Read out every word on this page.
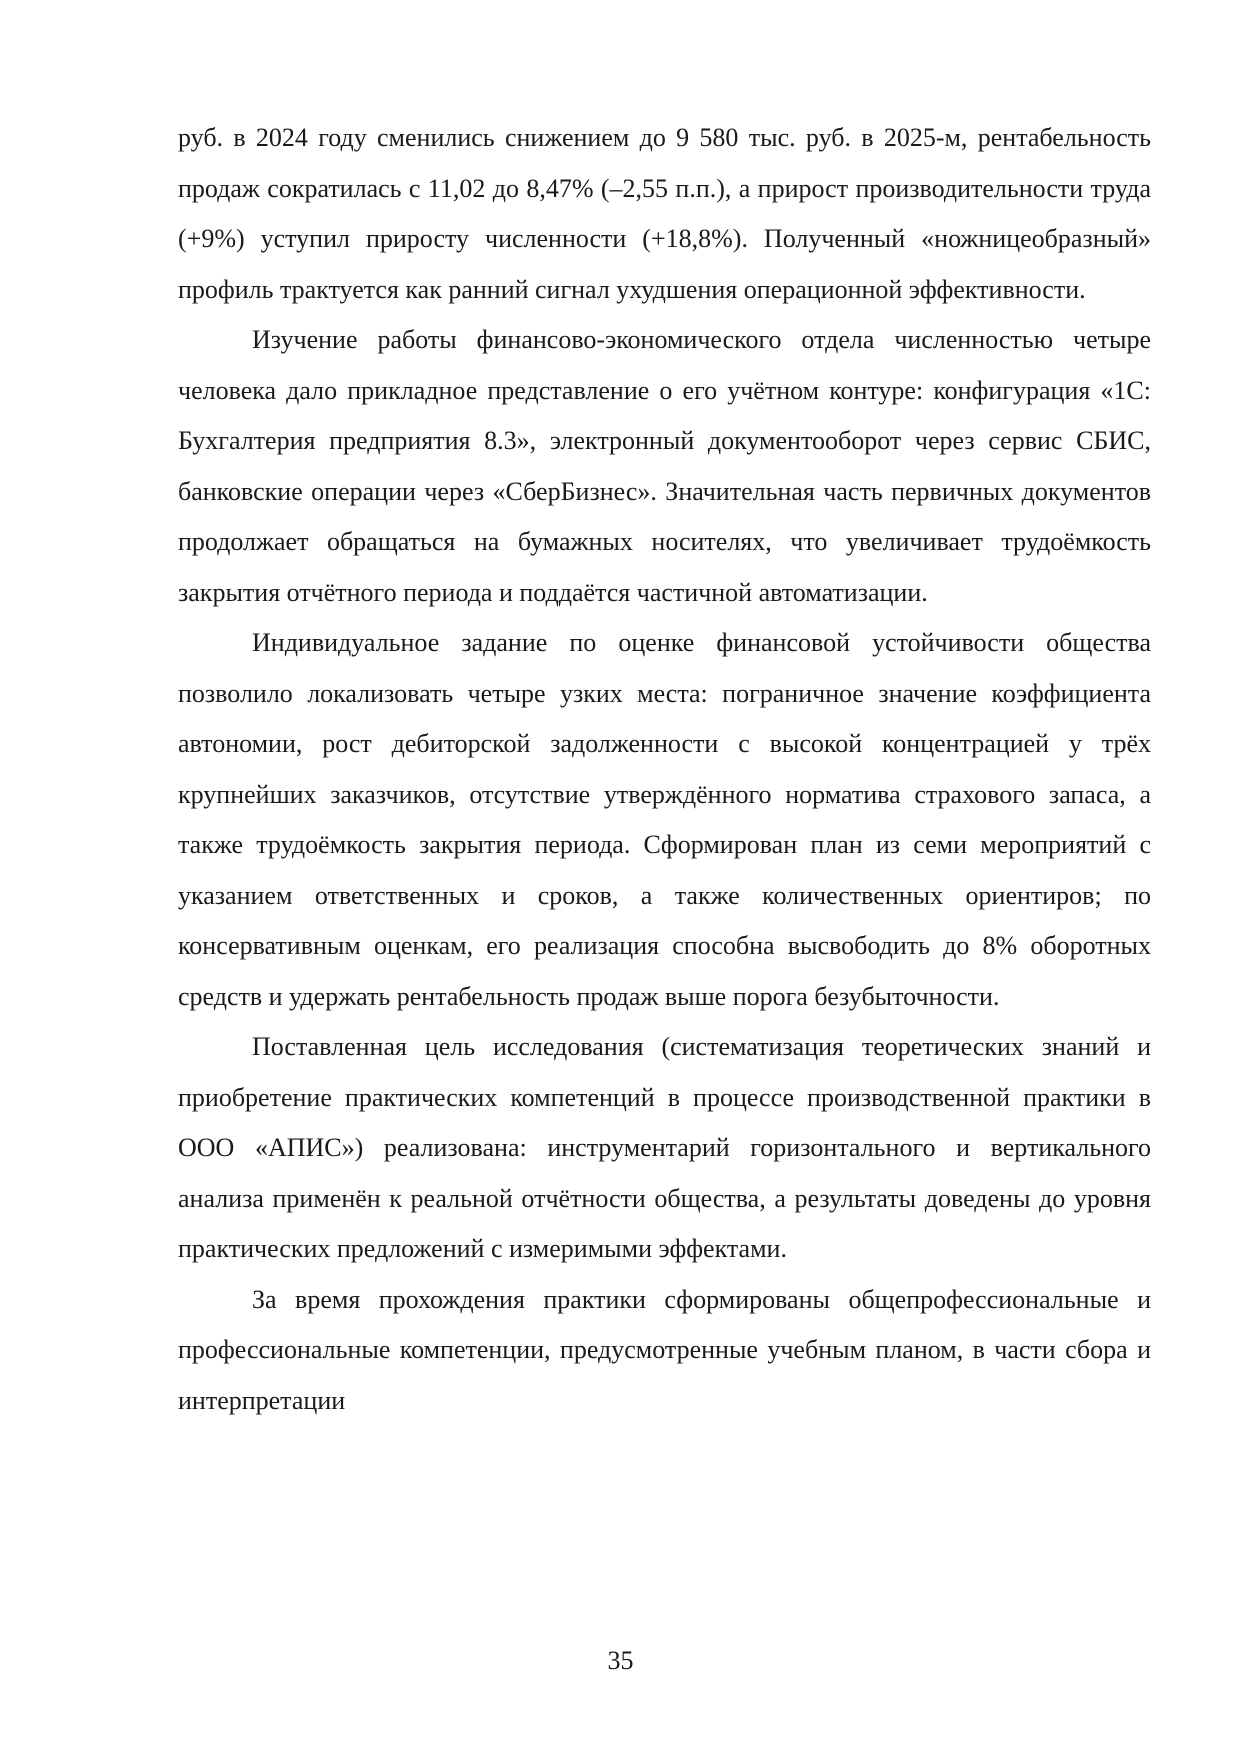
руб. в 2024 году сменились снижением до 9 580 тыс. руб. в 2025-м, рентабельность продаж сократилась с 11,02 до 8,47% (–2,55 п.п.), а прирост производительности труда (+9%) уступил приросту численности (+18,8%). Полученный «ножницеобразный» профиль трактуется как ранний сигнал ухудшения операционной эффективности.

Изучение работы финансово-экономического отдела численностью четыре человека дало прикладное представление о его учётном контуре: конфигурация «1С: Бухгалтерия предприятия 8.3», электронный документооборот через сервис СБИС, банковские операции через «СберБизнес». Значительная часть первичных документов продолжает обращаться на бумажных носителях, что увеличивает трудоёмкость закрытия отчётного периода и поддаётся частичной автоматизации.

Индивидуальное задание по оценке финансовой устойчивости общества позволило локализовать четыре узких места: пограничное значение коэффициента автономии, рост дебиторской задолженности с высокой концентрацией у трёх крупнейших заказчиков, отсутствие утверждённого норматива страхового запаса, а также трудоёмкость закрытия периода. Сформирован план из семи мероприятий с указанием ответственных и сроков, а также количественных ориентиров; по консервативным оценкам, его реализация способна высвободить до 8% оборотных средств и удержать рентабельность продаж выше порога безубыточности.

Поставленная цель исследования (систематизация теоретических знаний и приобретение практических компетенций в процессе производственной практики в ООО «АПИС») реализована: инструментарий горизонтального и вертикального анализа применён к реальной отчётности общества, а результаты доведены до уровня практических предложений с измеримыми эффектами.

За время прохождения практики сформированы общепрофессиональные и профессиональные компетенции, предусмотренные учебным планом, в части сбора и интерпретации

35
